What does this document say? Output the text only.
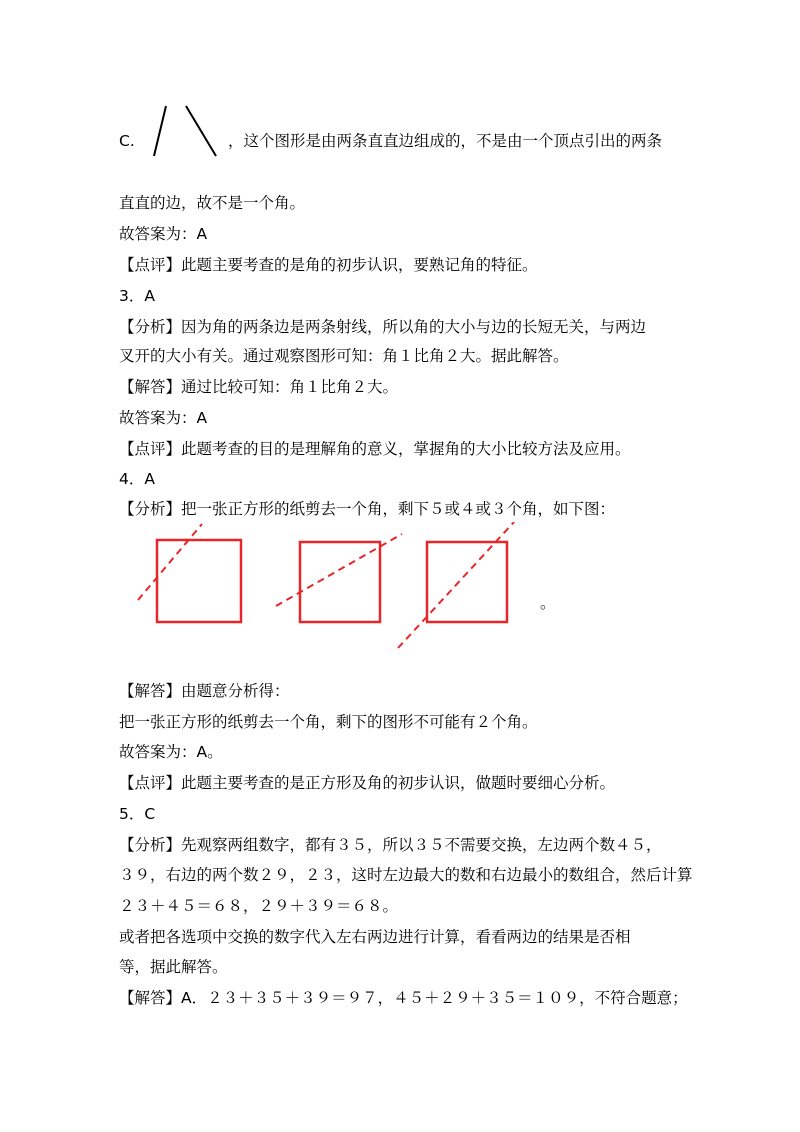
C.	，这个图形是由两条直直边组成的，不是由一个顶点引出的两条
直直的边，故不是一个角。
故答案为：A
【点评】此题主要考查的是角的初步认识，要熟记角的特征。
3．A
【分析】因为角的两条边是两条射线，所以角的大小与边的长短无关，与两边
叉开的大小有关。通过观察图形可知：角１比角２大。据此解答。
【解答】通过比较可知：角１比角２大。
故答案为：A
【点评】此题考查的目的是理解角的意义，掌握角的大小比较方法及应用。
4．A
【分析】把一张正方形的纸剪去一个角，剩下５或４或３个角，如下图：
。
【解答】由题意分析得：
把一张正方形的纸剪去一个角，剩下的图形不可能有２个角。
故答案为：A。
【点评】此题主要考查的是正方形及角的初步认识，做题时要细心分析。
5．C
【分析】先观察两组数字，都有３５，所以３５不需要交换，左边两个数４５，
３９，右边的两个数２９，２３，这时左边最大的数和右边最小的数组合，然后计算
２３＋４５＝６８，２９＋３９＝６８。
或者把各选项中交换的数字代入左右两边进行计算，看看两边的结果是否相
等，据此解答。
【解答】A．２３＋３５＋３９＝９７，４５＋２９＋３５＝１０９，不符合题意；
